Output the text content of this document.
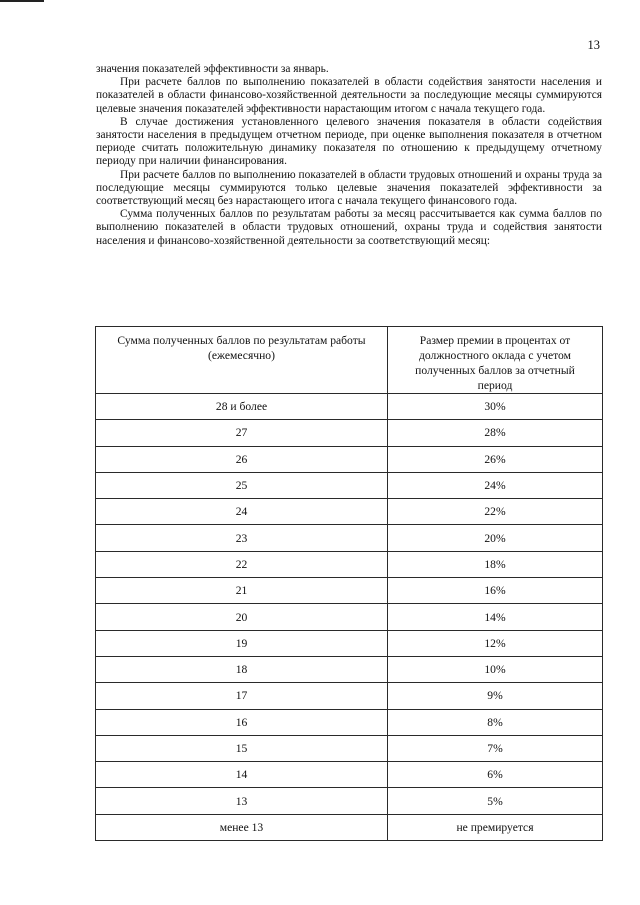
13

значения показателей эффективности за январь.

При расчете баллов по выполнению показателей в области содействия занятости населения и показателей в области финансово-хозяйственной деятельности за последующие месяцы суммируются целевые значения показателей эффективности нарастающим итогом с начала текущего года.

В случае достижения установленного целевого значения показателя в области содействия занятости населения в предыдущем отчетном периоде, при оценке выполнения показателя в отчетном периоде считать положительную динамику показателя по отношению к предыдущему отчетному периоду при наличии финансирования.

При расчете баллов по выполнению показателей в области трудовых отношений и охраны труда за последующие месяцы суммируются только целевые значения показателей эффективности за соответствующий месяц без нарастающего итога с начала текущего финансового года.

Сумма полученных баллов по результатам работы за месяц рассчитывается как сумма баллов по выполнению показателей в области трудовых отношений, охраны труда и содействия занятости населения и финансово-хозяйственной деятельности за соответствующий месяц:

Сумма полученных баллов по результатам работы (ежемесячно)	Размер премии в процентах от должностного оклада с учетом полученных баллов за отчетный период
28 и более	30%
27	28%
26	26%
25	24%
24	22%
23	20%
22	18%
21	16%
20	14%
19	12%
18	10%
17	9%
16	8%
15	7%
14	6%
13	5%
менее 13	не премируется
